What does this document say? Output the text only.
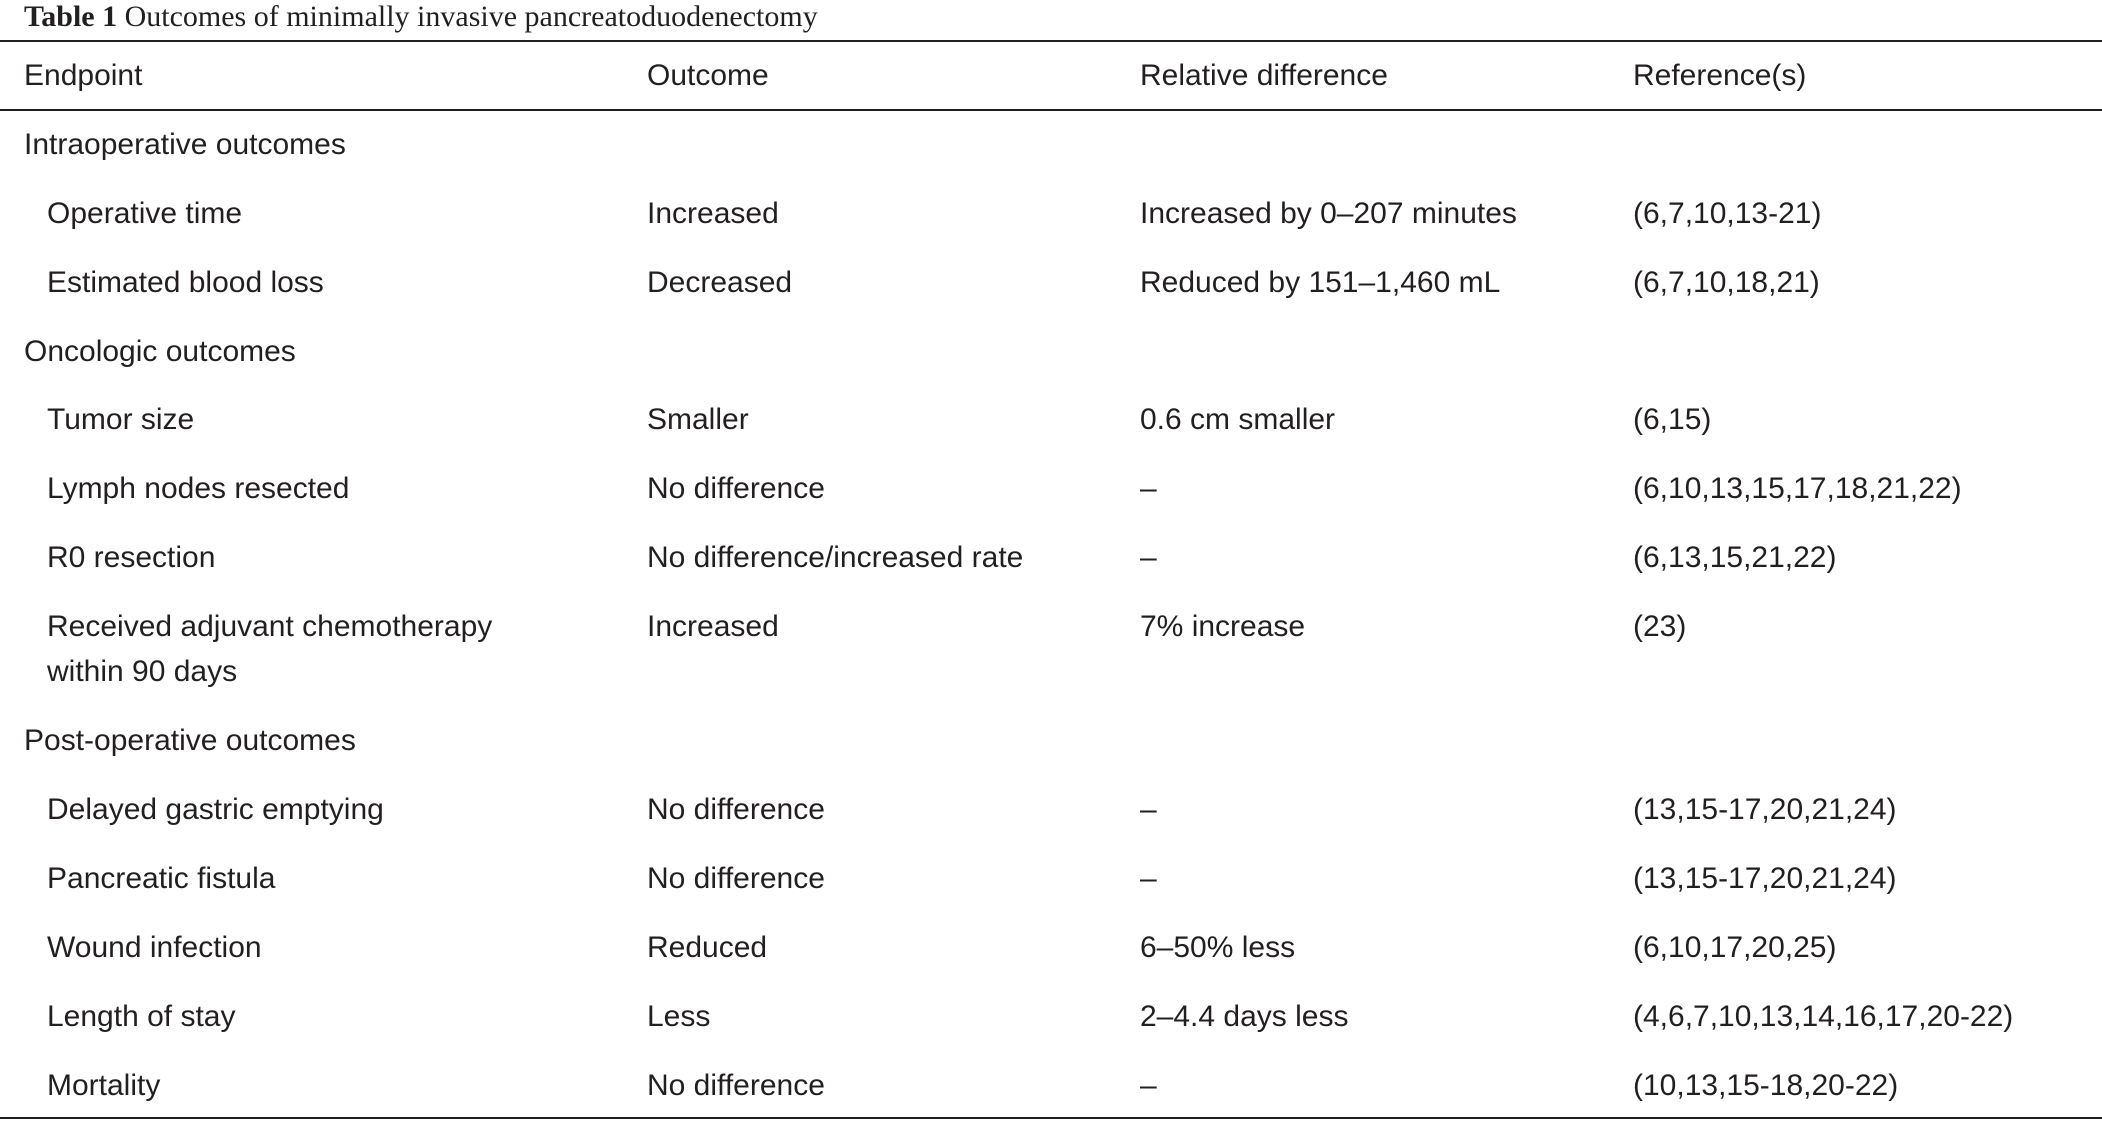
Table 1 Outcomes of minimally invasive pancreatoduodenectomy
Endpoint	Outcome	Relative difference	Reference(s)
Intraoperative outcomes
Operative time	Increased	Increased by 0–207 minutes	(6,7,10,13-21)
Estimated blood loss	Decreased	Reduced by 151–1,460 mL	(6,7,10,18,21)
Oncologic outcomes
Tumor size	Smaller	0.6 cm smaller	(6,15)
Lymph nodes resected	No difference	–	(6,10,13,15,17,18,21,22)
R0 resection	No difference/increased rate	–	(6,13,15,21,22)
Received adjuvant chemotherapy	Increased	7% increase	(23)
within 90 days
Post-operative outcomes
Delayed gastric emptying	No difference	–	(13,15-17,20,21,24)
Pancreatic fistula	No difference	–	(13,15-17,20,21,24)
Wound infection	Reduced	6–50% less	(6,10,17,20,25)
Length of stay	Less	2–4.4 days less	(4,6,7,10,13,14,16,17,20-22)
Mortality	No difference	–	(10,13,15-18,20-22)
